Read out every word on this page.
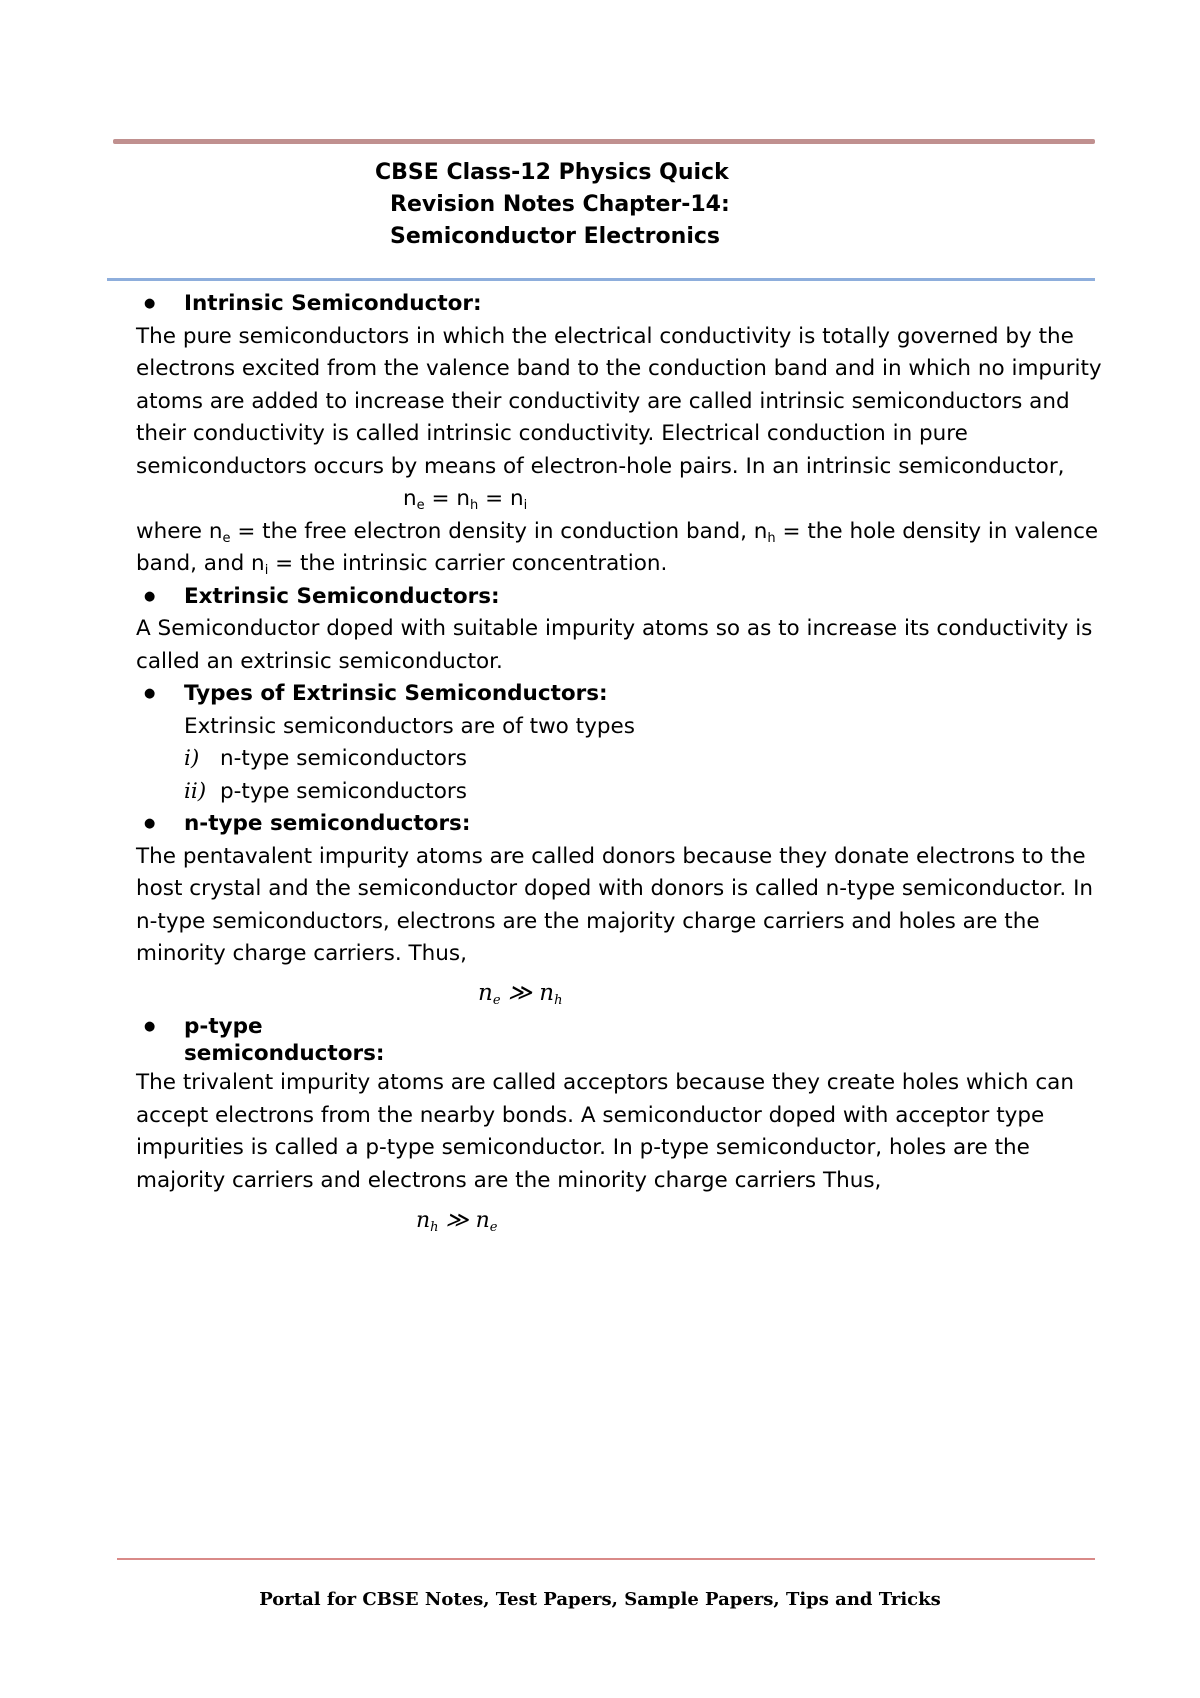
CBSE Class-12 Physics Quick
Revision Notes Chapter-14:
Semiconductor Electronics

● Intrinsic Semiconductor:

The pure semiconductors in which the electrical conductivity is totally governed by the electrons excited from the valence band to the conduction band and in which no impurity atoms are added to increase their conductivity are called intrinsic semiconductors and their conductivity is called intrinsic conductivity. Electrical conduction in pure semiconductors occurs by means of electron-hole pairs. In an intrinsic semiconductor,

$n_e = n_h = n_i$

where $n_e$ = the free electron density in conduction band, $n_h$ = the hole density in valence band, and $n_i$ = the intrinsic carrier concentration.

● Extrinsic Semiconductors:

A Semiconductor doped with suitable impurity atoms so as to increase its conductivity is called an extrinsic semiconductor.

● Types of Extrinsic Semiconductors:

Extrinsic semiconductors are of two types

i) n-type semiconductors

ii) p-type semiconductors

● n-type semiconductors:

The pentavalent impurity atoms are called donors because they donate electrons to the host crystal and the semiconductor doped with donors is called n-type semiconductor. In n-type semiconductors, electrons are the majority charge carriers and holes are the minority charge carriers. Thus,

$n_e$ ≫ $n_h$

● p-type
semiconductors:

The trivalent impurity atoms are called acceptors because they create holes which can accept electrons from the nearby bonds. A semiconductor doped with acceptor type impurities is called a p-type semiconductor. In p-type semiconductor, holes are the majority carriers and electrons are the minority charge carriers Thus,

$n_h$ ≫ $n_e$

Portal for CBSE Notes, Test Papers, Sample Papers, Tips and Tricks
